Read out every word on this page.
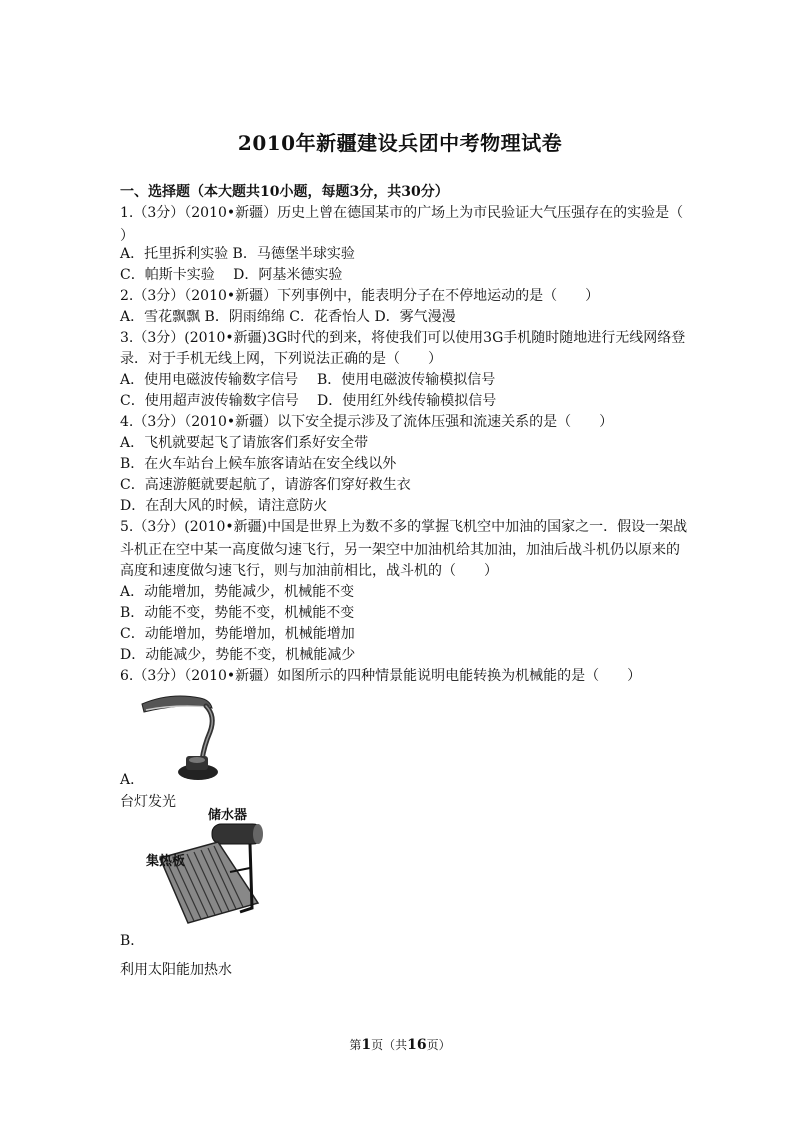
2010年新疆建设兵团中考物理试卷
一、选择题（本大题共10小题，每题3分，共30分）
1.（3分）（2010•新疆）历史上曾在德国某市的广场上为市民验证大气压强存在的实验是（
）
A．托里拆利实验 B．马德堡半球实验
C．帕斯卡实验　 D．阿基米德实验
2.（3分）（2010•新疆）下列事例中，能表明分子在不停地运动的是（　　）
A．雪花飘飘 B．阴雨绵绵 C．花香怡人 D．雾气漫漫
3.（3分）(2010•新疆)3G时代的到来，将使我们可以使用3G手机随时随地进行无线网络登
录．对于手机无线上网，下列说法正确的是（　　）
A．使用电磁波传输数字信号 B．使用电磁波传输模拟信号
C．使用超声波传输数字信号 D．使用红外线传输模拟信号
4.（3分）（2010•新疆）以下安全提示涉及了流体压强和流速关系的是（　　）
A．飞机就要起飞了请旅客们系好安全带
B．在火车站台上候车旅客请站在安全线以外
C．高速游艇就要起航了，请游客们穿好救生衣
D．在刮大风的时候，请注意防火
5.（3分）(2010•新疆)中国是世界上为数不多的掌握飞机空中加油的国家之一．假设一架战
斗机正在空中某一高度做匀速飞行，另一架空中加油机给其加油，加油后战斗机仍以原来的
高度和速度做匀速飞行，则与加油前相比，战斗机的（　　）
A．动能增加，势能减少，机械能不变
B．动能不变，势能不变，机械能不变
C．动能增加，势能增加，机械能增加
D．动能减少，势能不变，机械能减少
6.（3分）（2010•新疆）如图所示的四种情景能说明电能转换为机械能的是（　　）
A．
台灯发光
储水器
集热板
B．
利用太阳能加热水
第1页（共16页）
